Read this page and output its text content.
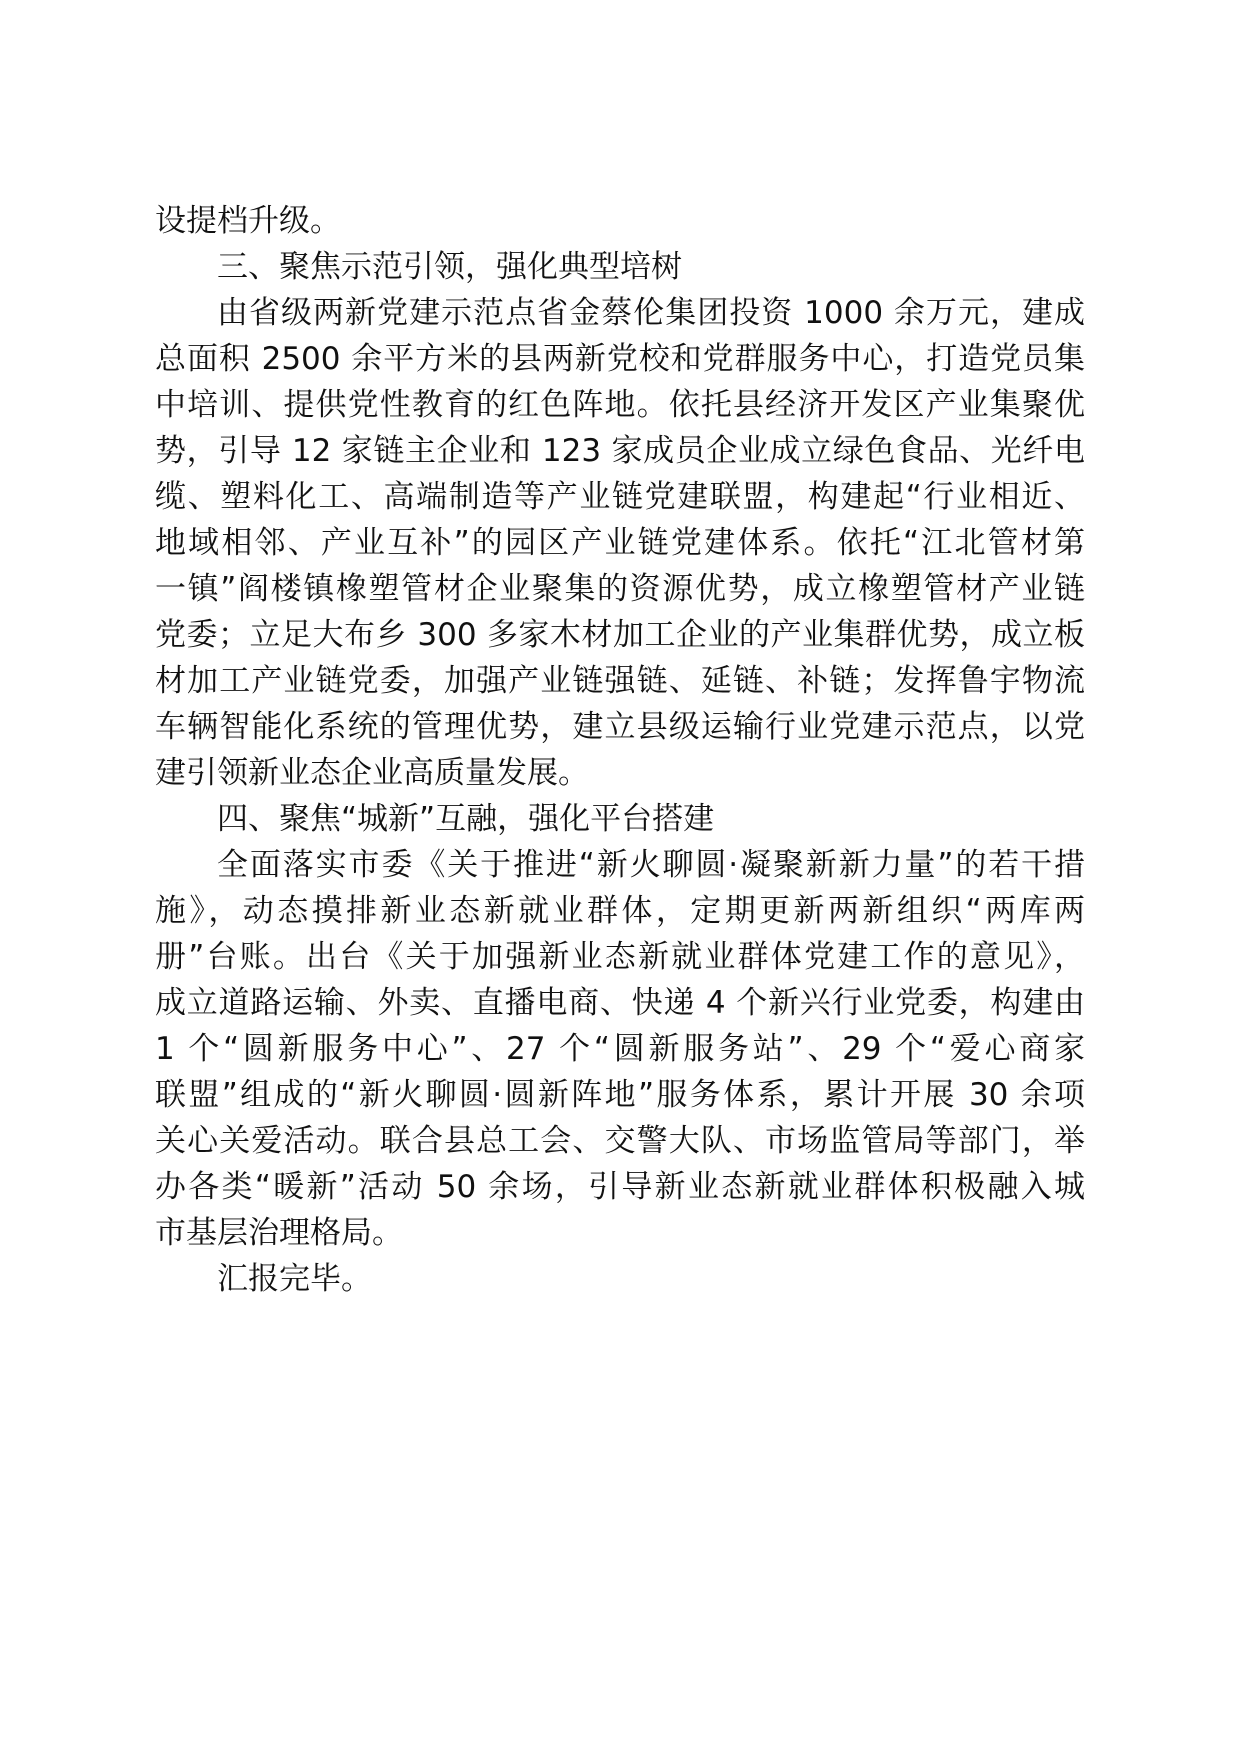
设提档升级。
三、聚焦示范引领，强化典型培树
由省级两新党建示范点省金蔡伦集团投资 1000 余万元，建成
总面积 2500 余平方米的县两新党校和党群服务中心，打造党员集
中培训、提供党性教育的红色阵地。依托县经济开发区产业集聚优
势，引导 12 家链主企业和 123 家成员企业成立绿色食品、光纤电
缆、塑料化工、高端制造等产业链党建联盟，构建起“行业相近、
地域相邻、产业互补”的园区产业链党建体系。依托“江北管材第
一镇”阎楼镇橡塑管材企业聚集的资源优势，成立橡塑管材产业链
党委；立足大布乡 300 多家木材加工企业的产业集群优势，成立板
材加工产业链党委，加强产业链强链、延链、补链；发挥鲁宇物流
车辆智能化系统的管理优势，建立县级运输行业党建示范点，以党
建引领新业态企业高质量发展。
四、聚焦“城新”互融，强化平台搭建
全面落实市委《关于推进“新火聊圆·凝聚新新力量”的若干措
施》，动态摸排新业态新就业群体，定期更新两新组织“两库两
册”台账。出台《关于加强新业态新就业群体党建工作的意见》，
成立道路运输、外卖、直播电商、快递 4 个新兴行业党委，构建由
1 个“圆新服务中心”、27 个“圆新服务站”、29 个“爱心商家
联盟”组成的“新火聊圆·圆新阵地”服务体系，累计开展 30 余项
关心关爱活动。联合县总工会、交警大队、市场监管局等部门，举
办各类“暖新”活动 50 余场，引导新业态新就业群体积极融入城
市基层治理格局。
汇报完毕。
